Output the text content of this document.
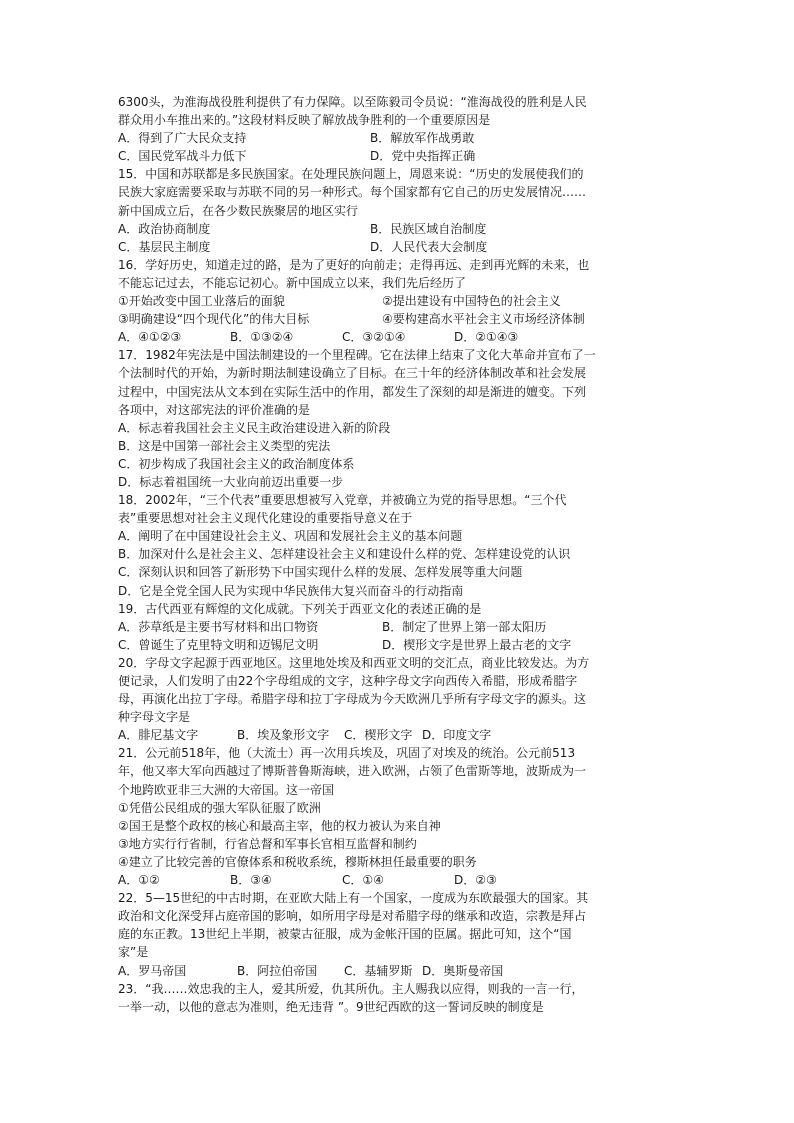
6300头，为淮海战役胜利提供了有力保障。以至陈毅司令员说：“淮海战役的胜利是人民
群众用小车推出来的。”这段材料反映了解放战争胜利的一个重要原因是
A．得到了广大民众支持	B．解放军作战勇敢
C．国民党军战斗力低下	D．党中央指挥正确
15．中国和苏联都是多民族国家。在处理民族问题上，周恩来说：“历史的发展使我们的
民族大家庭需要采取与苏联不同的另一种形式。每个国家都有它自己的历史发展情况……
新中国成立后，在各少数民族聚居的地区实行
A．政治协商制度	B．民族区域自治制度
C．基层民主制度	D．人民代表大会制度
16．学好历史，知道走过的路，是为了更好的向前走；走得再远、走到再光辉的未来，也
不能忘记过去，不能忘记初心。新中国成立以来，我们先后经历了
①开始改变中国工业落后的面貌	②提出建设有中国特色的社会主义
③明确建设“四个现代化”的伟大目标	④要构建高水平社会主义市场经济体制
A．④①②③	B．①③②④	C．③②①④	D．②①④③
17．1982年宪法是中国法制建设的一个里程碑。它在法律上结束了文化大革命并宣布了一
个法制时代的开始，为新时期法制建设确立了目标。在三十年的经济体制改革和社会发展
过程中，中国宪法从文本到在实际生活中的作用，都发生了深刻的却是渐进的嬗变。下列
各项中，对这部宪法的评价准确的是
A．标志着我国社会主义民主政治建设进入新的阶段
B．这是中国第一部社会主义类型的宪法
C．初步构成了我国社会主义的政治制度体系
D．标志着祖国统一大业向前迈出重要一步
18．2002年，“三个代表”重要思想被写入党章，并被确立为党的指导思想。“三个代
表”重要思想对社会主义现代化建设的重要指导意义在于
A．阐明了在中国建设社会主义、巩固和发展社会主义的基本问题
B．加深对什么是社会主义、怎样建设社会主义和建设什么样的党、怎样建设党的认识
C．深刻认识和回答了新形势下中国实现什么样的发展、怎样发展等重大问题
D．它是全党全国人民为实现中华民族伟大复兴而奋斗的行动指南
19．古代西亚有辉煌的文化成就。下列关于西亚文化的表述正确的是
A．莎草纸是主要书写材料和出口物资	B．制定了世界上第一部太阳历
C．曾诞生了克里特文明和迈锡尼文明	D．楔形文字是世界上最古老的文字
20．字母文字起源于西亚地区。这里地处埃及和西亚文明的交汇点，商业比较发达。为方
便记录，人们发明了由22个字母组成的文字，这种字母文字向西传入希腊，形成希腊字
母，再演化出拉丁字母。希腊字母和拉丁字母成为今天欧洲几乎所有字母文字的源头。这
种字母文字是
A．腓尼基文字	B．埃及象形文字 C．楔形文字 D．印度文字
21．公元前518年，他（大流士）再一次用兵埃及，巩固了对埃及的统治。公元前513
年，他又率大军向西越过了博斯普鲁斯海峡，进入欧洲，占领了色雷斯等地，波斯成为一
个地跨欧亚非三大洲的大帝国。这一帝国
①凭借公民组成的强大军队征服了欧洲
②国王是整个政权的核心和最高主宰，他的权力被认为来自神
③地方实行行省制，行省总督和军事长官相互监督和制约
④建立了比较完善的官僚体系和税收系统，穆斯林担任最重要的职务
A．①②	B．③④	C．①④	D．②③
22．5—15世纪的中古时期，在亚欧大陆上有一个国家，一度成为东欧最强大的国家。其
政治和文化深受拜占庭帝国的影响，如所用字母是对希腊字母的继承和改造，宗教是拜占
庭的东正教。13世纪上半期，被蒙古征服，成为金帐汗国的臣属。据此可知，这个“国
家”是
A．罗马帝国	B．阿拉伯帝国 C．基辅罗斯 D．奥斯曼帝国
23．“我……效忠我的主人，爱其所爱，仇其所仇。主人赐我以应得，则我的一言一行，
一举一动，以他的意志为准则，绝无违背 ”。9世纪西欧的这一誓词反映的制度是
